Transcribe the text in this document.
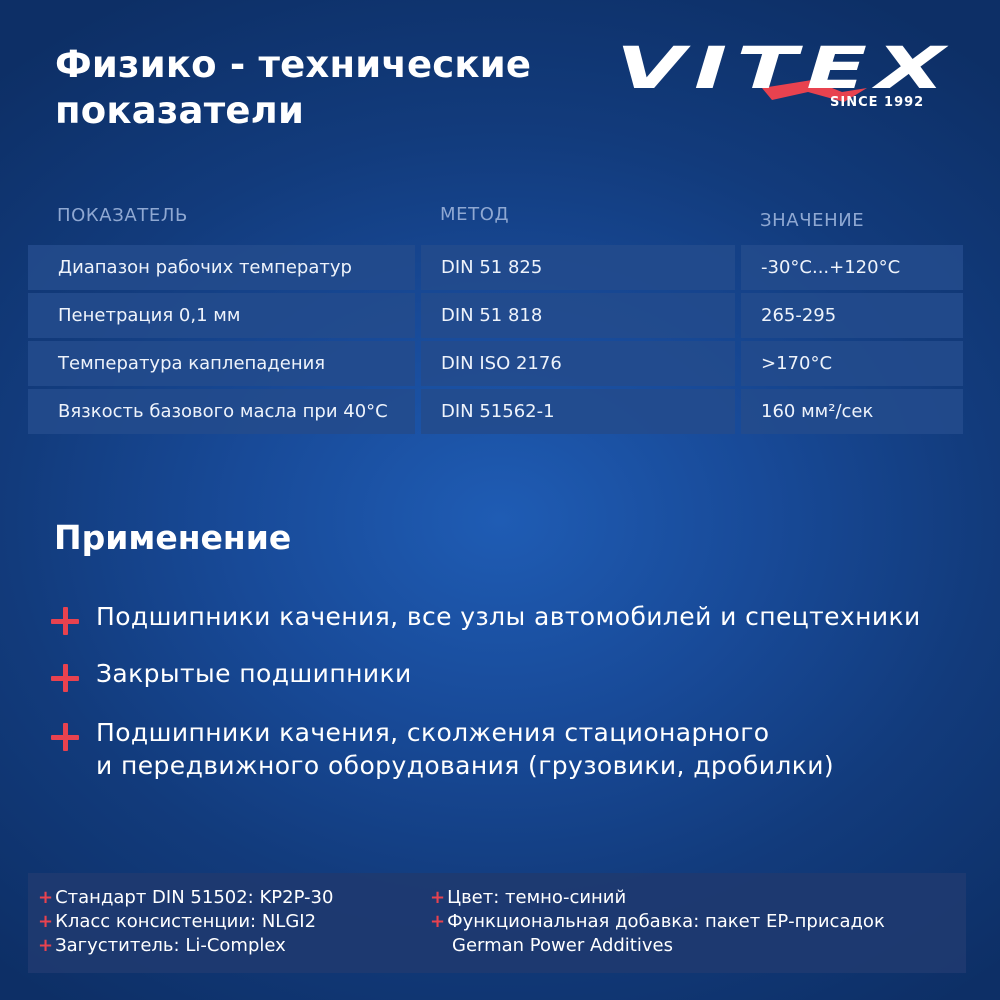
Физико - технические
показатели
VITEX
SINCE 1992
ПОКАЗАТЕЛЬ	МЕТОД	ЗНАЧЕНИЕ
Диапазон рабочих температур	DIN 51 825	-30°C...+120°C
Пенетрация 0,1 мм	DIN 51 818	265-295
Температура каплепадения	DIN ISO 2176	>170°C
Вязкость базового масла при 40°C	DIN 51562-1	160 мм²/сек
Применение
Подшипники качения, все узлы автомобилей и спецтехники
Закрытые подшипники
Подшипники качения, сколжения стационарного
и передвижного оборудования (грузовики, дробилки)
+ Стандарт DIN 51502: KP2P-30
+ Класс консистенции: NLGI2
+ Загуститель: Li-Complex
+ Цвет: темно-синий
+ Функциональная добавка: пакет ЕР-присадок
German Power Additives
